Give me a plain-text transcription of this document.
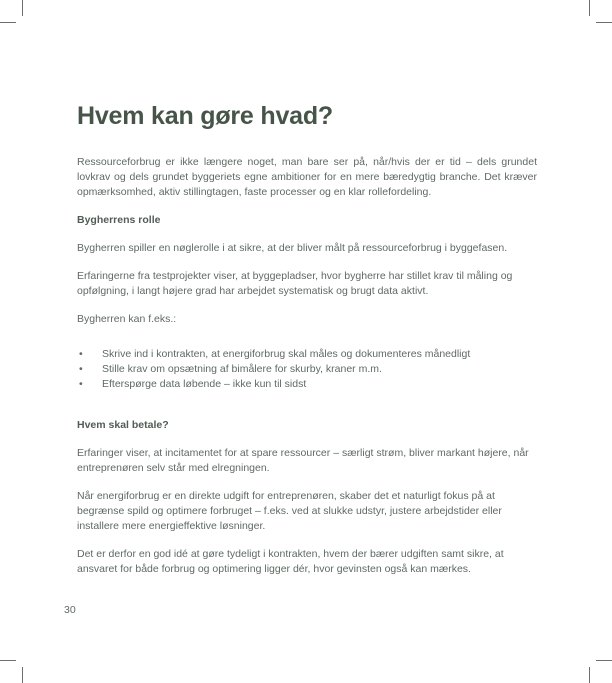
Hvem kan gøre hvad?

Ressourceforbrug er ikke længere noget, man bare ser på, når/hvis der er tid – dels grundet lovkrav og dels grundet byggeriets egne ambitioner for en mere bæredygtig branche. Det kræver opmærksomhed, aktiv stillingtagen, faste processer og en klar rollefordeling.

Bygherrens rolle

Bygherren spiller en nøglerolle i at sikre, at der bliver målt på ressourceforbrug i byggefasen.

Erfaringerne fra testprojekter viser, at byggepladser, hvor bygherre har stillet krav til måling og opfølgning, i langt højere grad har arbejdet systematisk og brugt data aktivt.

Bygherren kan f.eks.:

•	Skrive ind i kontrakten, at energiforbrug skal måles og dokumenteres månedligt
•	Stille krav om opsætning af bimålere for skurby, kraner m.m.
•	Efterspørge data løbende – ikke kun til sidst
Hvem skal betale?

Erfaringer viser, at incitamentet for at spare ressourcer – særligt strøm, bliver markant højere, når entreprenøren selv står med elregningen.

Når energiforbrug er en direkte udgift for entreprenøren, skaber det et naturligt fokus på at begrænse spild og optimere forbruget – f.eks. ved at slukke udstyr, justere arbejdstider eller installere mere energieffektive løsninger.

Det er derfor en god idé at gøre tydeligt i kontrakten, hvem der bærer udgiften samt sikre, at ansvaret for både forbrug og optimering ligger dér, hvor gevinsten også kan mærkes.

30
